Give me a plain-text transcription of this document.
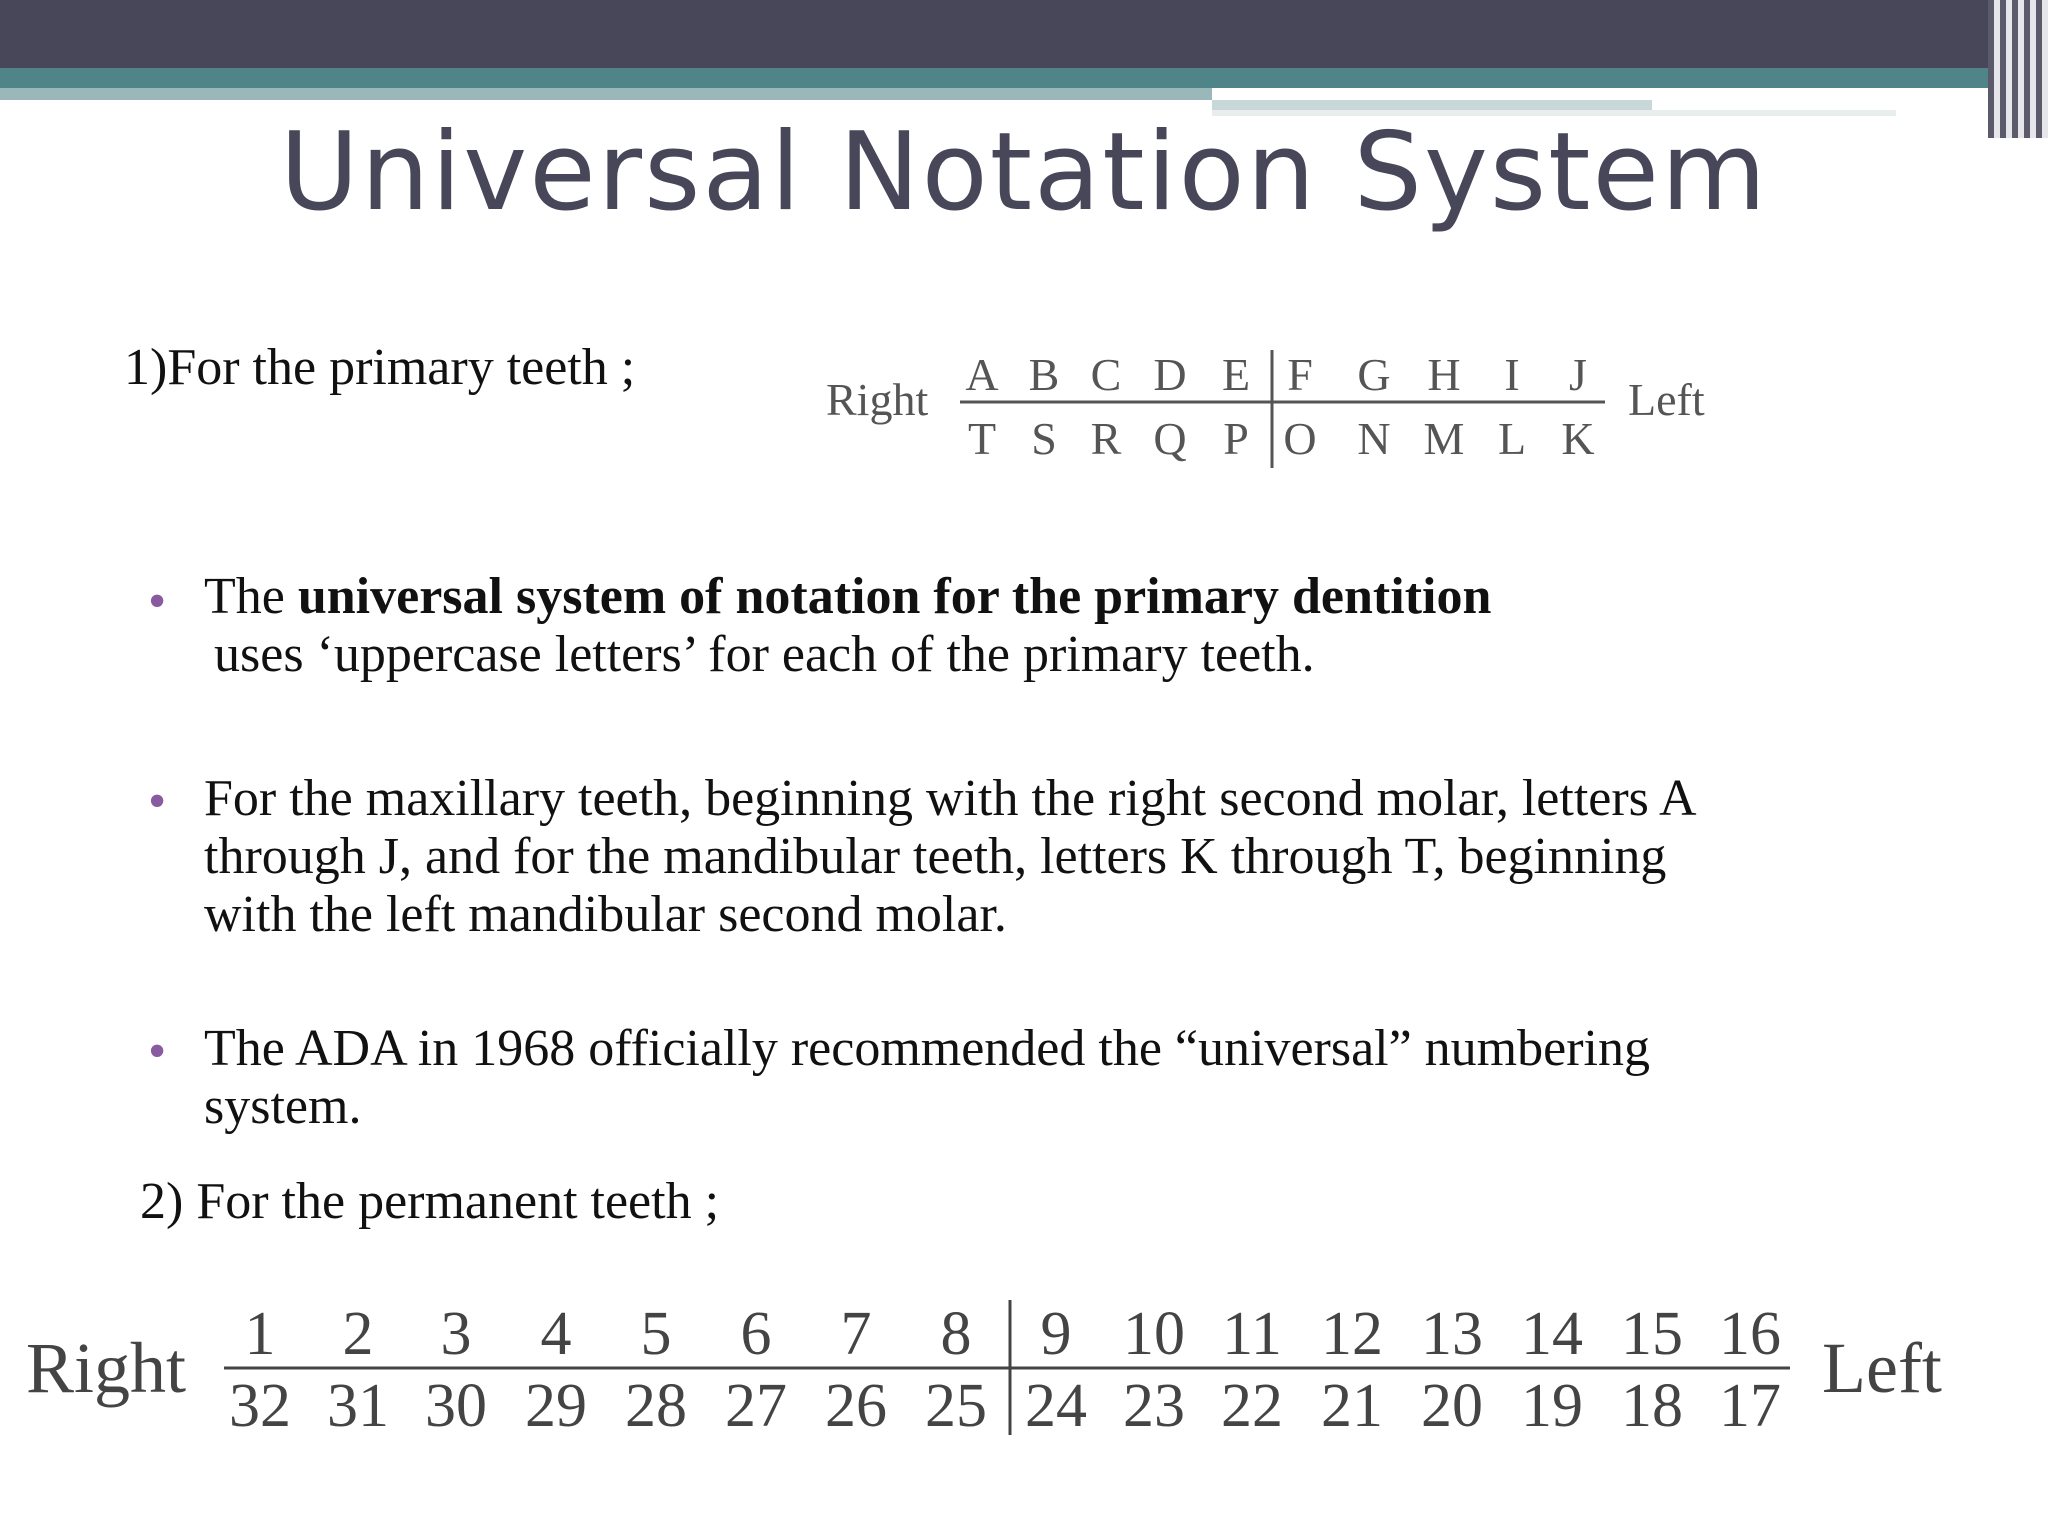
Universal Notation System
1)For the primary teeth ;
Right A B C D E F G H I J
T S R Q P O N M L K
Left
• The universal system of notation for the primary dentition
uses ‘uppercase letters’ for each of the primary teeth.
• For the maxillary teeth, beginning with the right second molar, letters A
through J, and for the mandibular teeth, letters K through T, beginning
with the left mandibular second molar.
• The ADA in 1968 officially recommended the “universal” numbering
system.
2) For the permanent teeth ;
Right 1 2 3 4 5 6 7 8 9 10 11 12 13 14 15 16
32 31 30 29 28 27 26 25 24 23 22 21 20 19 18 17 Left
